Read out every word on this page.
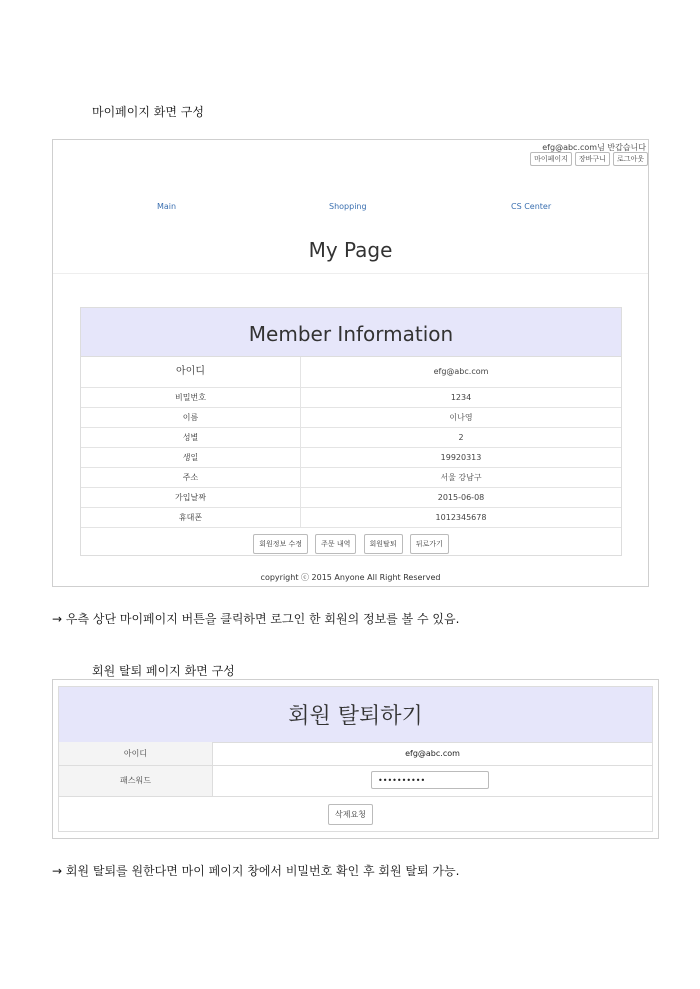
마이페이지 화면 구성
efg@abc.com님 반갑습니다
마이페이지	장바구니	로그아웃
Main	Shopping	CS Center
My Page
Member Information
아이디	efg@abc.com
비밀번호	1234
이름	이나영
성별	2
생일	19920313
주소	서울 강남구
가입날짜	2015-06-08
휴대폰	1012345678
회원정보 수정	주문 내역	회원탈퇴	뒤로가기
copyright ⓒ 2015 Anyone All Right Reserved
→ 우측 상단 마이페이지 버튼을 클릭하면 로그인 한 회원의 정보를 볼 수 있음.
회원 탈퇴 페이지 화면 구성
회원 탈퇴하기
아이디	efg@abc.com
패스워드	••••••••••
삭제요청
→ 회원 탈퇴를 원한다면 마이 페이지 창에서 비밀번호 확인 후 회원 탈퇴 가능.
